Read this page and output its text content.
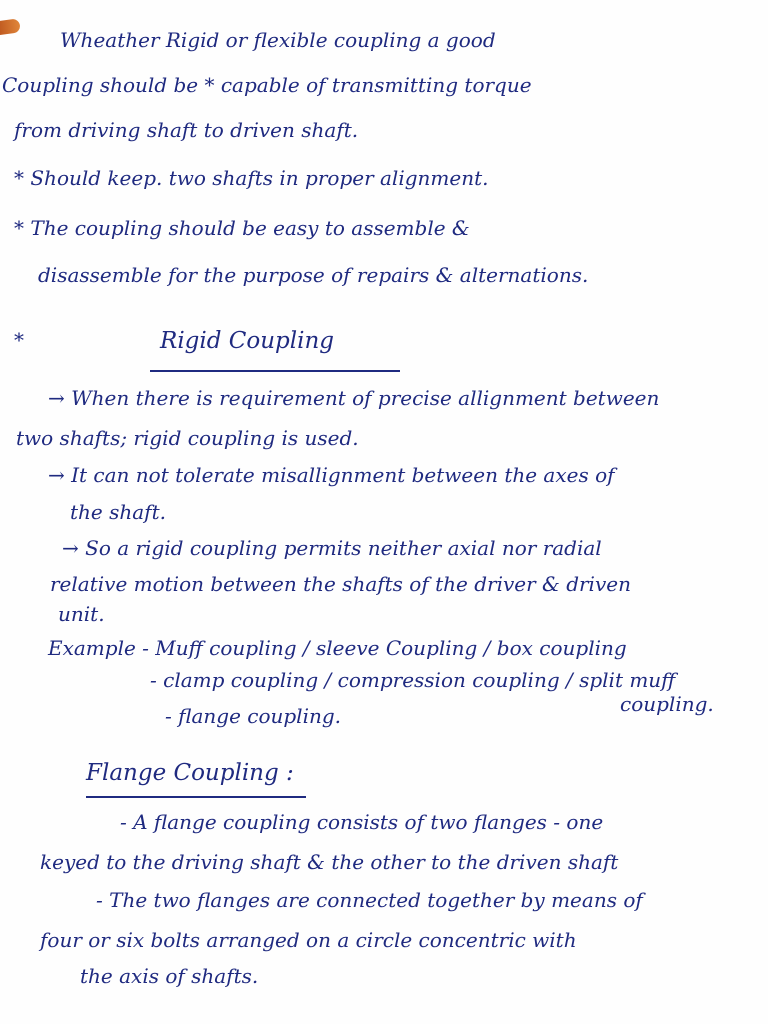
Wheather Rigid or flexible coupling a good
Coupling should be * capable of transmitting torque
from driving shaft to driven shaft.
* Should keep. two shafts in proper alignment.
* The coupling should be easy to assemble &
disassemble for the purpose of repairs & alternations.
*	Rigid Coupling
→ When there is requirement of precise allignment between
two shafts; rigid coupling is used.
→ It can not tolerate misallignment between the axes of
the shaft.
→ So a rigid coupling permits neither axial nor radial
relative motion between the shafts of the driver & driven
unit.
Example - Muff coupling / sleeve Coupling / box coupling
- clamp coupling / compression coupling / split muff
coupling.
- flange coupling.
Flange Coupling :
- A flange coupling consists of two flanges - one
keyed to the driving shaft & the other to the driven shaft
- The two flanges are connected together by means of
four or six bolts arranged on a circle concentric with
the axis of shafts.
